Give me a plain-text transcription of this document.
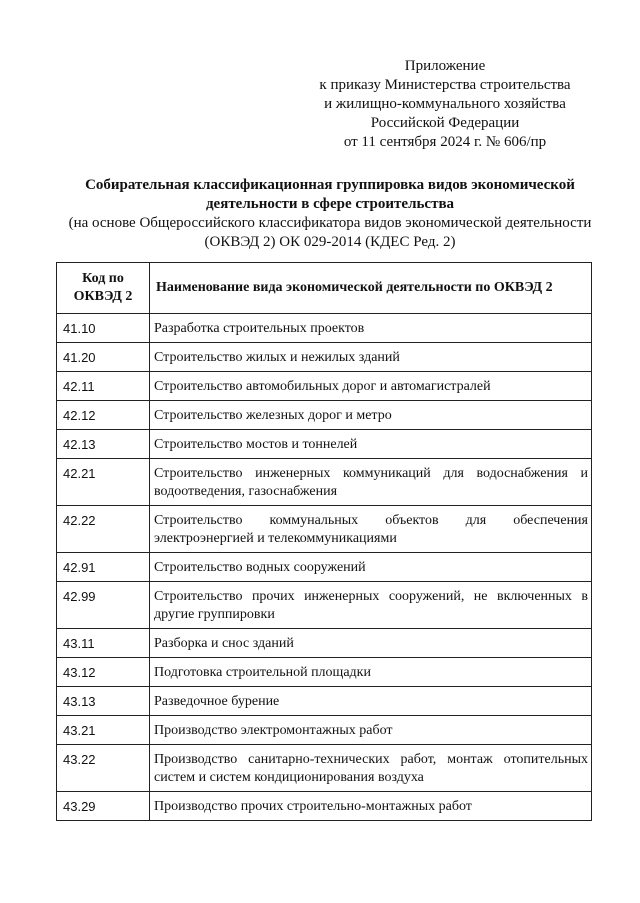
Приложение
к приказу Министерства строительства
и жилищно-коммунального хозяйства
Российской Федерации
от 11 сентября 2024 г. № 606/пр
Собирательная классификационная группировка видов экономической
деятельности в сфере строительства
(на основе Общероссийского классификатора видов экономической деятельности
(ОКВЭД 2) ОК 029-2014 (КДЕС Ред. 2)
Код по
ОКВЭД 2	Наименование вида экономической деятельности по ОКВЭД 2
41.10	Разработка строительных проектов
41.20	Строительство жилых и нежилых зданий
42.11	Строительство автомобильных дорог и автомагистралей
42.12	Строительство железных дорог и метро
42.13	Строительство мостов и тоннелей
42.21	Строительство инженерных коммуникаций для водоснабжения и водоотведения, газоснабжения
42.22	Строительство коммунальных объектов для обеспечения электроэнергией и телекоммуникациями
42.91	Строительство водных сооружений
42.99	Строительство прочих инженерных сооружений, не включенных в другие группировки
43.11	Разборка и снос зданий
43.12	Подготовка строительной площадки
43.13	Разведочное бурение
43.21	Производство электромонтажных работ
43.22	Производство санитарно-технических работ, монтаж отопительных систем и систем кондиционирования воздуха
43.29	Производство прочих строительно-монтажных работ
